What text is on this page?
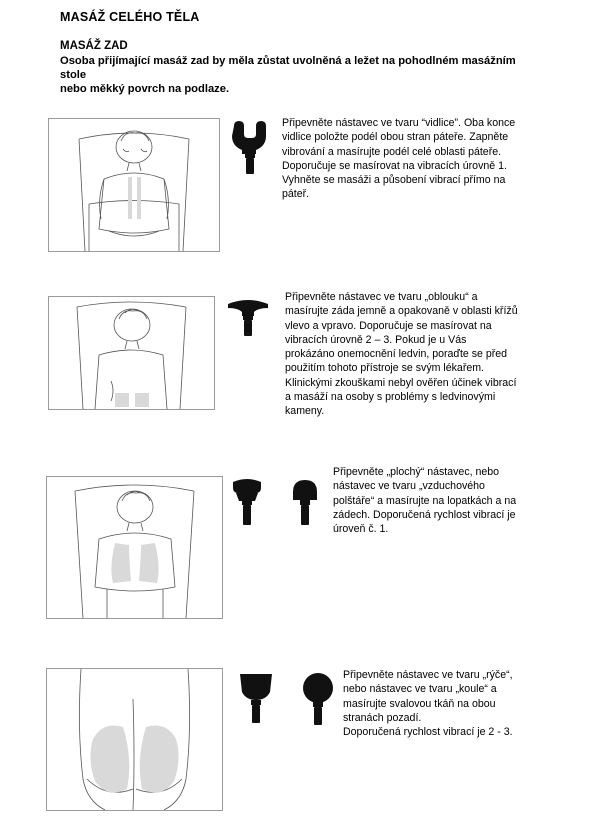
MASÁŽ CELÉHO TĚLA
MASÁŽ ZAD
Osoba přijímající masáž zad by měla zůstat uvolněná a ležet na pohodlném masážním
stole
nebo měkký povrch na podlaze.
Připevněte nástavec ve tvaru “vidlice”. Oba konce
vidlice položte podél obou stran páteře. Zapněte
vibrování a masírujte podél celé oblasti páteře.
Doporučuje se masírovat na vibracích úrovně 1.
Vyhněte se masáži a působení vibrací přímo na
páteř.
Připevněte nástavec ve tvaru „oblouku“ a
masírujte záda jemně a opakovaně v oblasti křížů
vlevo a vpravo. Doporučuje se masírovat na
vibracích úrovně 2 – 3. Pokud je u Vás
prokázáno onemocnění ledvin, poraďte se před
použitím tohoto přístroje se svým lékařem.
Klinickými zkouškami nebyl ověřen účinek vibrací
a masáží na osoby s problémy s ledvinovými
kameny.
Připevněte „plochý“ nástavec, nebo
nástavec ve tvaru „vzduchového
polštáře“ a masírujte na lopatkách a na
zádech. Doporučená rychlost vibrací je
úroveň č. 1.
Připevněte nástavec ve tvaru „rýče“,
nebo nástavec ve tvaru „koule“ a
masírujte svalovou tkáň na obou
stranách pozadí.
Doporučená rychlost vibrací je 2 - 3.
